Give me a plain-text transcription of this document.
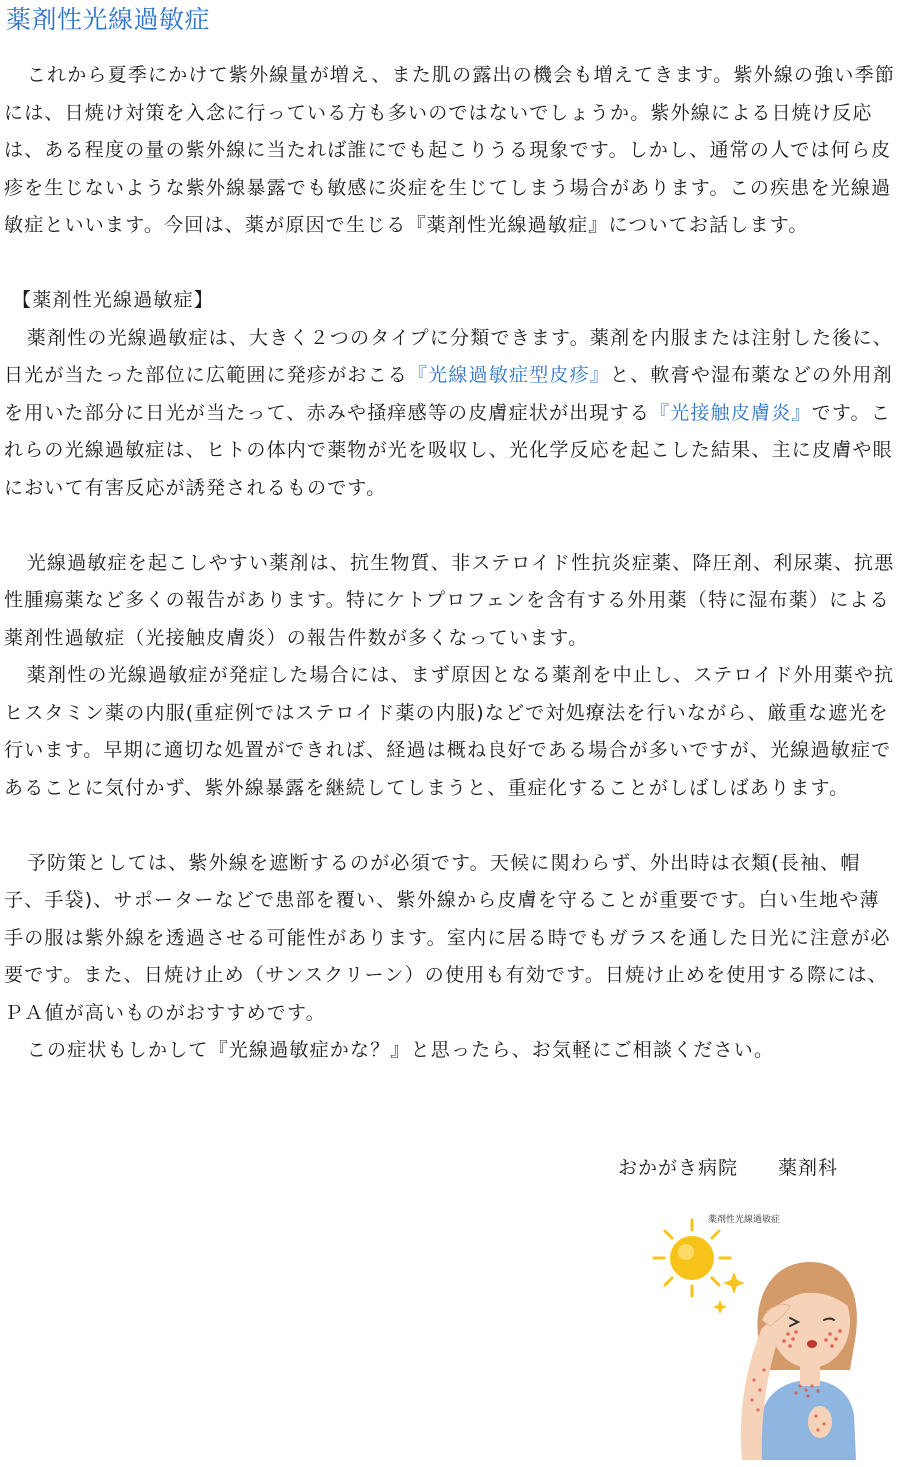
薬剤性光線過敏症

これから夏季にかけて紫外線量が増え、また肌の露出の機会も増えてきます。紫外線の強い季節には、日焼け対策を入念に行っている方も多いのではないでしょうか。紫外線による日焼け反応は、ある程度の量の紫外線に当たれば誰にでも起こりうる現象です。しかし、通常の人では何ら皮疹を生じないような紫外線暴露でも敏感に炎症を生じてしまう場合があります。この疾患を光線過敏症といいます。今回は、薬が原因で生じる『薬剤性光線過敏症』についてお話します。

【薬剤性光線過敏症】

薬剤性の光線過敏症は、大きく２つのタイプに分類できます。薬剤を内服または注射した後に、日光が当たった部位に広範囲に発疹がおこる『光線過敏症型皮疹』と、軟膏や湿布薬などの外用剤を用いた部分に日光が当たって、赤みや掻痒感等の皮膚症状が出現する『光接触皮膚炎』です。これらの光線過敏症は、ヒトの体内で薬物が光を吸収し、光化学反応を起こした結果、主に皮膚や眼において有害反応が誘発されるものです。

光線過敏症を起こしやすい薬剤は、抗生物質、非ステロイド性抗炎症薬、降圧剤、利尿薬、抗悪性腫瘍薬など多くの報告があります。特にケトプロフェンを含有する外用薬（特に湿布薬）による薬剤性過敏症（光接触皮膚炎）の報告件数が多くなっています。

薬剤性の光線過敏症が発症した場合には、まず原因となる薬剤を中止し、ステロイド外用薬や抗ヒスタミン薬の内服(重症例ではステロイド薬の内服)などで対処療法を行いながら、厳重な遮光を行います。早期に適切な処置ができれば、経過は概ね良好である場合が多いですが、光線過敏症であることに気付かず、紫外線暴露を継続してしまうと、重症化することがしばしばあります。

予防策としては、紫外線を遮断するのが必須です。天候に関わらず、外出時は衣類(長袖、帽子、手袋)、サポーターなどで患部を覆い、紫外線から皮膚を守ることが重要です。白い生地や薄手の服は紫外線を透過させる可能性があります。室内に居る時でもガラスを通した日光に注意が必要です。また、日焼け止め（サンスクリーン）の使用も有効です。日焼け止めを使用する際には、ＰＡ値が高いものがおすすめです。

この症状もしかして『光線過敏症かな？』と思ったら、お気軽にご相談ください。

おかがき病院 薬剤科
薬剤性光線過敏症
